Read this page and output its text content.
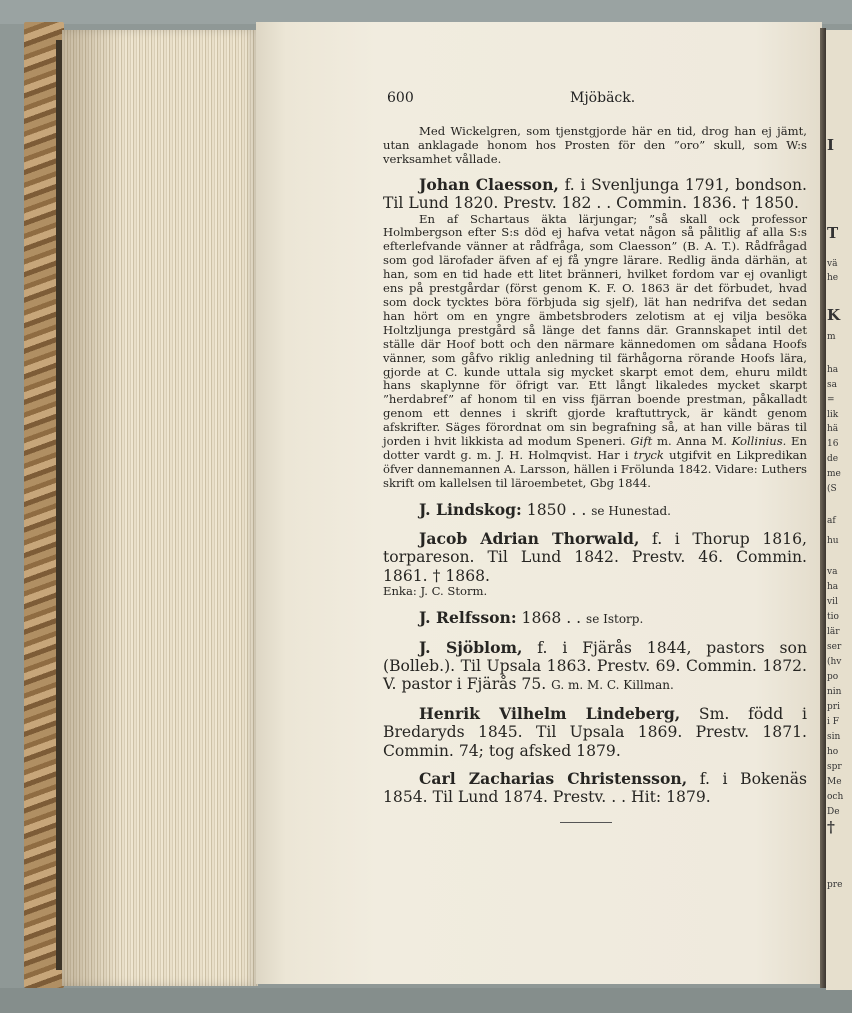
I
T
vä
he
K
m
ha
sa
=
lik
hä
16
de
me
(S
af
hu
va
ha
vil
tio
lär
ser
(hv
po
nin
pri
i F
sin
ho
spr
Me
och
De
†
pre
600	Mjöbäck.

Med Wickelgren, som tjenstgjorde här en tid, drog han ej jämt, utan anklagade honom hos Prosten för den ”oro” skull, som W:s verksamhet vållade.

Johan Claesson, f. i Svenljunga 1791, bondson. Til Lund 1820. Prestv. 182 . . Commin. 1836. † 1850.

En af Schartaus äkta lärjungar; ”så skall ock professor Holmbergson efter S:s död ej hafva vetat någon så pålitlig af alla S:s efterlefvande vänner at rådfråga, som Claesson” (B. A. T.). Rådfrågad som god lärofader äfven af ej få yngre lärare. Redlig ända därhän, at han, som en tid hade ett litet bränneri, hvilket fordom var ej ovanligt ens på prestgårdar (först genom K. F. O. 1863 är det förbudet, hvad som dock tycktes böra förbjuda sig sjelf), lät han nedrifva det sedan han hört om en yngre ämbetsbroders zelotism at ej vilja besöka Holtzljunga prestgård så länge det fanns där. Grannskapet intil det ställe där Hoof bott och den närmare kännedomen om sådana Hoofs vänner, som gåfvo riklig anledning til färhågorna rörande Hoofs lära, gjorde at C. kunde uttala sig mycket skarpt emot dem, ehuru mildt hans skaplynne för öfrigt var. Ett långt likaledes mycket skarpt ”herdabref” af honom til en viss fjärran boende prestman, påkalladt genom ett dennes i skrift gjorde kraftuttryck, är kändt genom afskrifter. Säges förordnat om sin begrafning så, at han ville bäras til jorden i hvit likkista ad modum Speneri. Gift m. Anna M. Kollinius. En dotter vardt g. m. J. H. Holmqvist. Har i tryck utgifvit en Likpredikan öfver dannemannen A. Larsson, hällen i Frölunda 1842. Vidare: Luthers skrift om kallelsen til läroembetet, Gbg 1844.

J. Lindskog: 1850 . . se Hunestad.

Jacob Adrian Thorwald, f. i Thorup 1816, torpareson. Til Lund 1842. Prestv. 46. Commin. 1861. † 1868.

Enka: J. C. Storm.

J. Relfsson: 1868 . . se Istorp.

J. Sjöblom, f. i Fjärås 1844, pastors son (Bolleb.). Til Upsala 1863. Prestv. 69. Commin. 1872. V. pastor i Fjärås 75. G. m. M. C. Killman.

Henrik Vilhelm Lindeberg, Sm. född i Bredaryds 1845. Til Upsala 1869. Prestv. 1871. Commin. 74; tog afsked 1879.

Carl Zacharias Christensson, f. i Bokenäs 1854. Til Lund 1874. Prestv. . . Hit: 1879.
